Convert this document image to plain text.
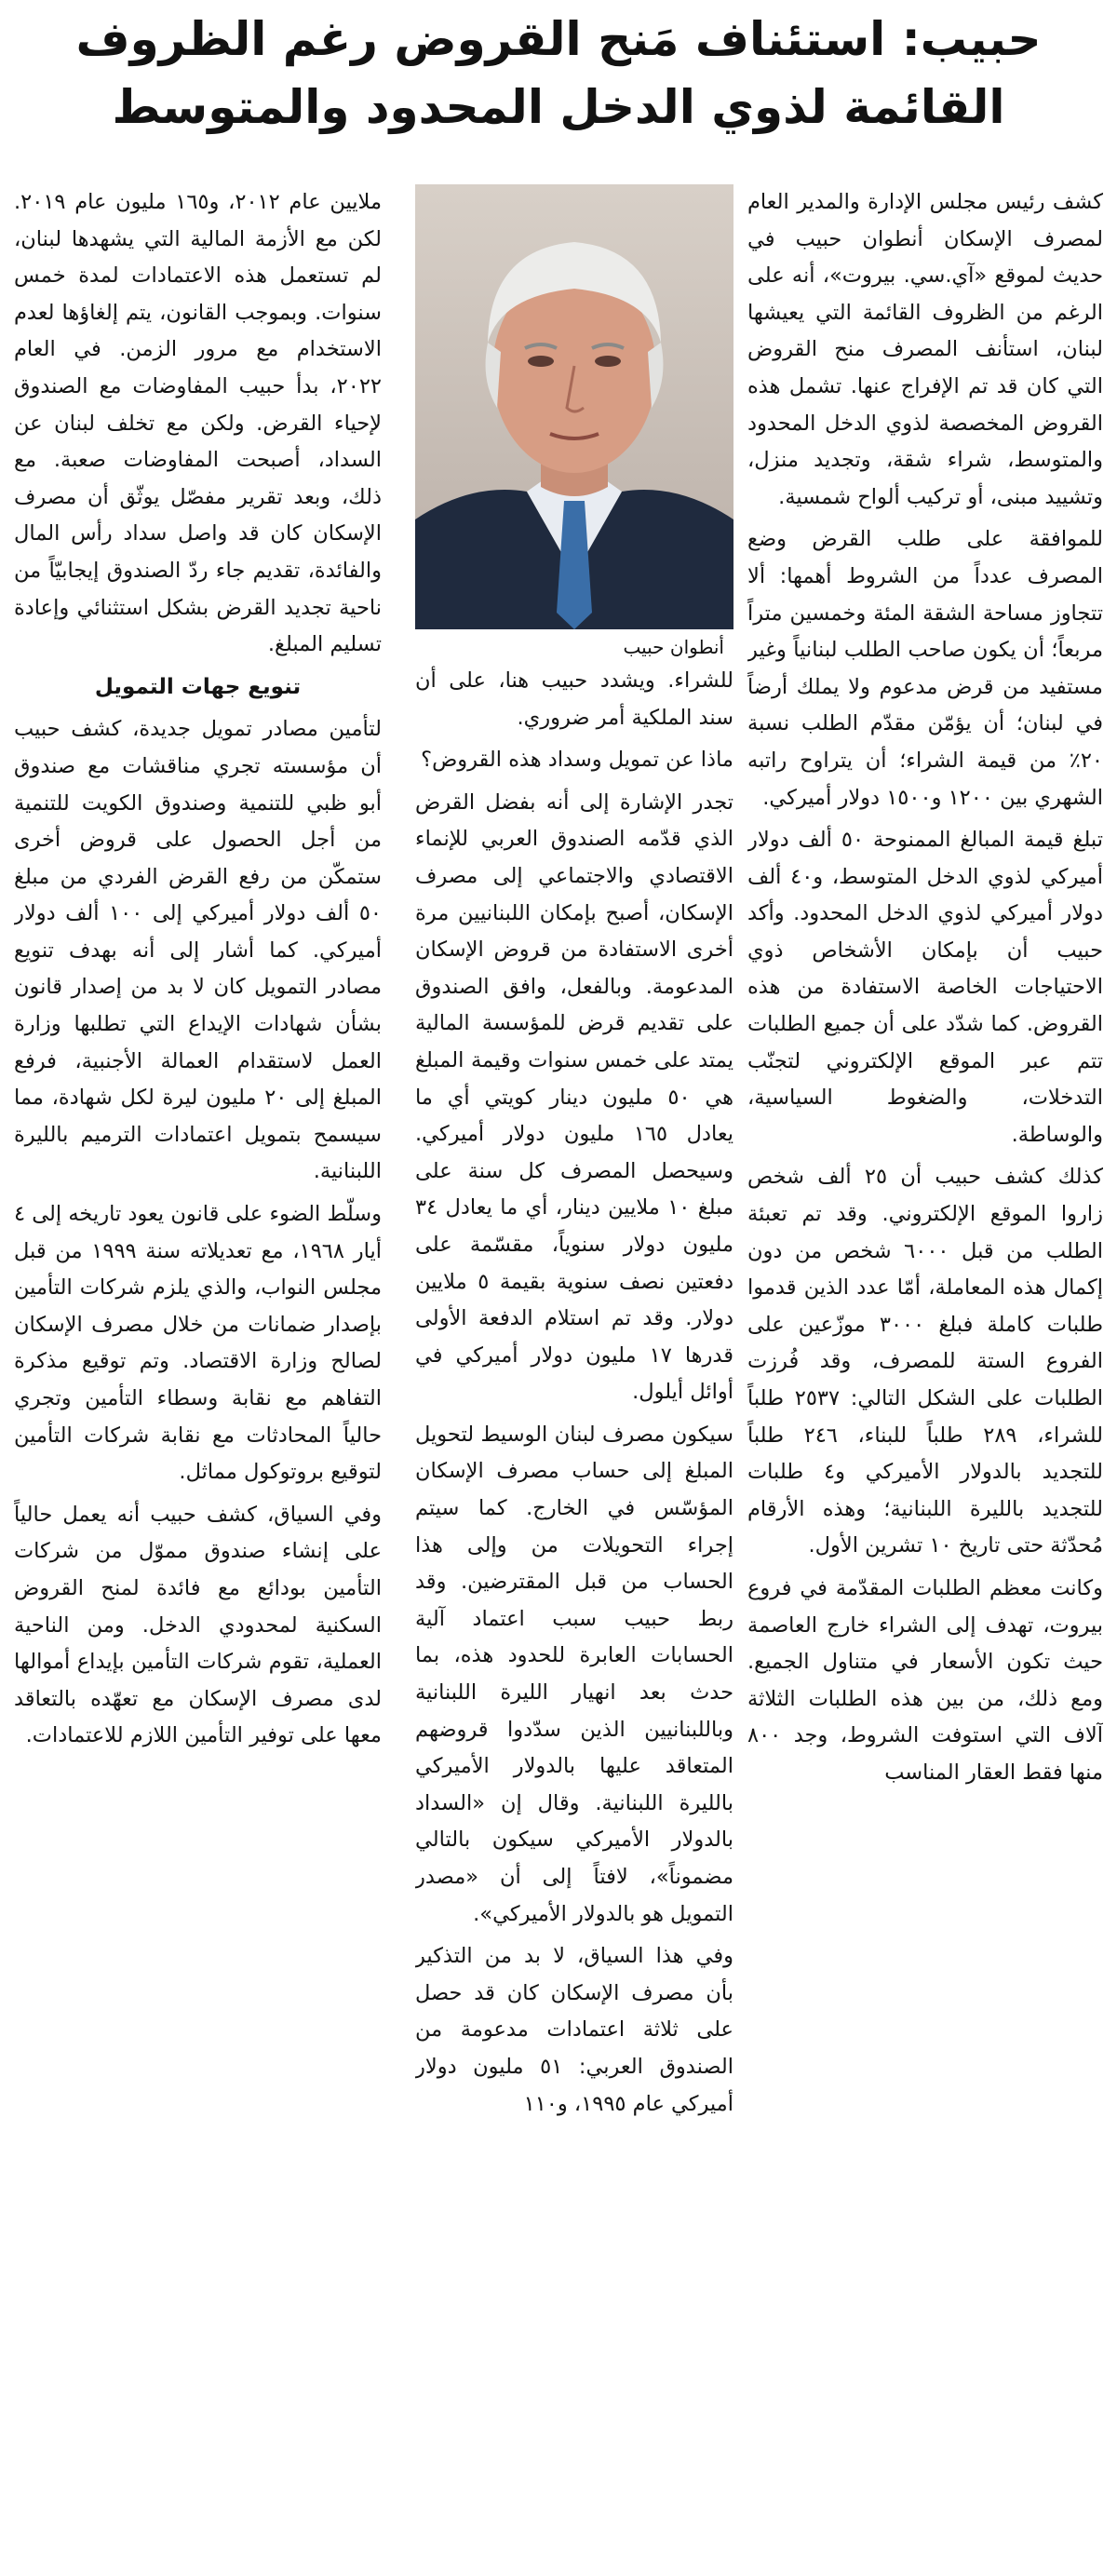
حبيب: استئناف مَنح القروض رغم الظروف
القائمة لذوي الدخل المحدود والمتوسط

كشف رئيس مجلس الإدارة والمدير العام لمصرف الإسكان أنطوان حبيب في حديث لموقع «آي.سي. بيروت»، أنه على الرغم من الظروف القائمة التي يعيشها لبنان، استأنف المصرف منح القروض التي كان قد تم الإفراج عنها. تشمل هذه القروض المخصصة لذوي الدخل المحدود والمتوسط، شراء شقة، وتجديد منزل، وتشييد مبنى، أو تركيب ألواح شمسية.

للموافقة على طلب القرض وضع المصرف عدداً من الشروط أهمها: ألا تتجاوز مساحة الشقة المئة وخمسين متراً مربعاً؛ أن يكون صاحب الطلب لبنانياً وغير مستفيد من قرض مدعوم ولا يملك أرضاً في لبنان؛ أن يؤمّن مقدّم الطلب نسبة ٢٠٪ من قيمة الشراء؛ أن يتراوح راتبه الشهري بين ١٢٠٠ و١٥٠٠ دولار أميركي.

تبلغ قيمة المبالغ الممنوحة ٥٠ ألف دولار أميركي لذوي الدخل المتوسط، و٤٠ ألف دولار أميركي لذوي الدخل المحدود. وأكد حبيب أن بإمكان الأشخاص ذوي الاحتياجات الخاصة الاستفادة من هذه القروض. كما شدّد على أن جميع الطلبات تتم عبر الموقع الإلكتروني لتجنّب التدخلات، والضغوط السياسية، والوساطة.

كذلك كشف حبيب أن ٢٥ ألف شخص زاروا الموقع الإلكتروني. وقد تم تعبئة الطلب من قبل ٦٠٠٠ شخص من دون إكمال هذه المعاملة، أمّا عدد الذين قدموا طلبات كاملة فبلغ ٣٠٠٠ موزّعين على الفروع الستة للمصرف، وقد فُرزت الطلبات على الشكل التالي: ٢٥٣٧ طلباً للشراء، ٢٨٩ طلباً للبناء، ٢٤٦ طلباً للتجديد بالدولار الأميركي و٤ طلبات للتجديد بالليرة اللبنانية؛ وهذه الأرقام مُحدّثة حتى تاريخ ١٠ تشرين الأول.

وكانت معظم الطلبات المقدّمة في فروع بيروت، تهدف إلى الشراء خارج العاصمة حيث تكون الأسعار في متناول الجميع. ومع ذلك، من بين هذه الطلبات الثلاثة آلاف التي استوفت الشروط، وجد ٨٠٠ منها فقط العقار المناسب

أنطوان حبيب

للشراء. ويشدد حبيب هنا، على أن سند الملكية أمر ضروري.

ماذا عن تمويل وسداد هذه القروض؟

تجدر الإشارة إلى أنه بفضل القرض الذي قدّمه الصندوق العربي للإنماء الاقتصادي والاجتماعي إلى مصرف الإسكان، أصبح بإمكان اللبنانيين مرة أخرى الاستفادة من قروض الإسكان المدعومة. وبالفعل، وافق الصندوق على تقديم قرض للمؤسسة المالية يمتد على خمس سنوات وقيمة المبلغ هي ٥٠ مليون دينار كويتي أي ما يعادل ١٦٥ مليون دولار أميركي. وسيحصل المصرف كل سنة على مبلغ ١٠ ملايين دينار، أي ما يعادل ٣٤ مليون دولار سنوياً، مقسّمة على دفعتين نصف سنوية بقيمة ٥ ملايين دولار. وقد تم استلام الدفعة الأولى قدرها ١٧ مليون دولار أميركي في أوائل أيلول.

سيكون مصرف لبنان الوسيط لتحويل المبلغ إلى حساب مصرف الإسكان المؤسّس في الخارج. كما سيتم إجراء التحويلات من وإلى هذا الحساب من قبل المقترضين. وقد ربط حبيب سبب اعتماد آلية الحسابات العابرة للحدود هذه، بما حدث بعد انهيار الليرة اللبنانية وباللبنانيين الذين سدّدوا قروضهم المتعاقد عليها بالدولار الأميركي بالليرة اللبنانية. وقال إن «السداد بالدولار الأميركي سيكون بالتالي مضموناً»، لافتاً إلى أن «مصدر التمويل هو بالدولار الأميركي».

وفي هذا السياق، لا بد من التذكير بأن مصرف الإسكان كان قد حصل على ثلاثة اعتمادات مدعومة من الصندوق العربي: ٥١ مليون دولار أميركي عام ١٩٩٥، و١١٠

ملايين عام ٢٠١٢، و١٦٥ مليون عام ٢٠١٩. لكن مع الأزمة المالية التي يشهدها لبنان، لم تستعمل هذه الاعتمادات لمدة خمس سنوات. وبموجب القانون، يتم إلغاؤها لعدم الاستخدام مع مرور الزمن. في العام ٢٠٢٢، بدأ حبيب المفاوضات مع الصندوق لإحياء القرض. ولكن مع تخلف لبنان عن السداد، أصبحت المفاوضات صعبة. مع ذلك، وبعد تقرير مفصّل يوثّق أن مصرف الإسكان كان قد واصل سداد رأس المال والفائدة، تقديم جاء ردّ الصندوق إيجابيّاً من ناحية تجديد القرض بشكل استثنائي وإعادة تسليم المبلغ.

تنويع جهات التمويل

لتأمين مصادر تمويل جديدة، كشف حبيب أن مؤسسته تجري مناقشات مع صندوق أبو ظبي للتنمية وصندوق الكويت للتنمية من أجل الحصول على قروض أخرى ستمكّن من رفع القرض الفردي من مبلغ ٥٠ ألف دولار أميركي إلى ١٠٠ ألف دولار أميركي. كما أشار إلى أنه بهدف تنويع مصادر التمويل كان لا بد من إصدار قانون بشأن شهادات الإيداع التي تطلبها وزارة العمل لاستقدام العمالة الأجنبية، فرفع المبلغ إلى ٢٠ مليون ليرة لكل شهادة، مما سيسمح بتمويل اعتمادات الترميم بالليرة اللبنانية.

وسلّط الضوء على قانون يعود تاريخه إلى ٤ أيار ١٩٦٨، مع تعديلاته سنة ١٩٩٩ من قبل مجلس النواب، والذي يلزم شركات التأمين بإصدار ضمانات من خلال مصرف الإسكان لصالح وزارة الاقتصاد. وتم توقيع مذكرة التفاهم مع نقابة وسطاء التأمين وتجري حالياً المحادثات مع نقابة شركات التأمين لتوقيع بروتوكول مماثل.

وفي السياق، كشف حبيب أنه يعمل حالياً على إنشاء صندوق مموّل من شركات التأمين بودائع مع فائدة لمنح القروض السكنية لمحدودي الدخل. ومن الناحية العملية، تقوم شركات التأمين بإيداع أموالها لدى مصرف الإسكان مع تعهّده بالتعاقد معها على توفير التأمين اللازم للاعتمادات.
